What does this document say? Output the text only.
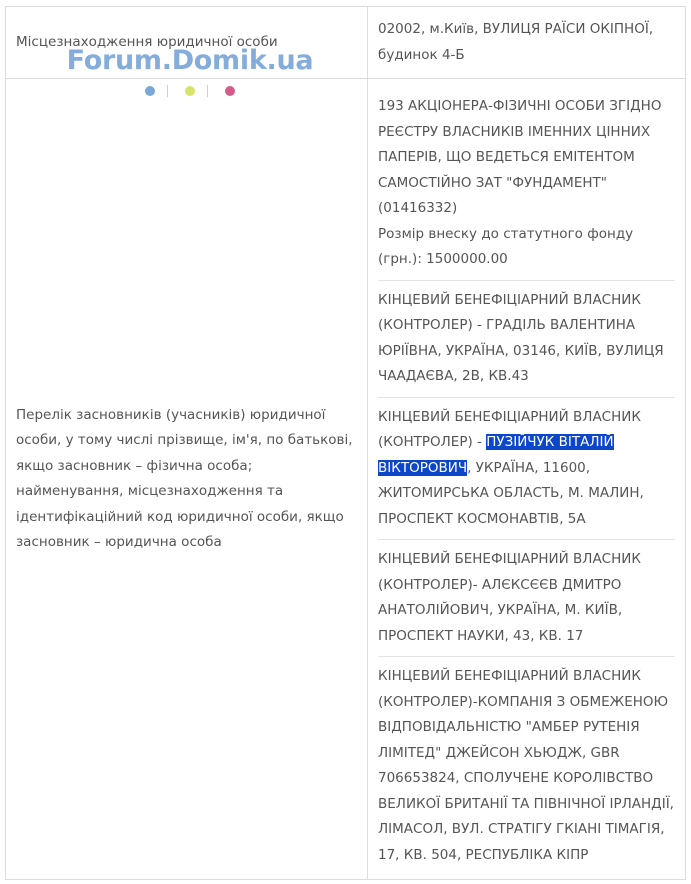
Місцезнаходження юридичної особи
02002, м.Київ, ВУЛИЦЯ РАЇСИ ОКІПНОЇ, будинок 4-Б
Перелік засновників (учасників) юридичної особи, у тому числі прізвище, ім'я, по батькові, якщо засновник – фізична особа; найменування, місцезнаходження та ідентифікаційний код юридичної особи, якщо засновник – юридична особа
193 АКЦІОНЕРА-ФІЗИЧНІ ОСОБИ ЗГІДНО РЕЄСТРУ ВЛАСНИКІВ ІМЕННИХ ЦІННИХ ПАПЕРІВ, ЩО ВЕДЕТЬСЯ ЕМІТЕНТОМ САМОСТІЙНО ЗАТ "ФУНДАМЕНТ" (01416332)
Розмір внеску до статутного фонду (грн.): 1500000.00
КІНЦЕВИЙ БЕНЕФІЦІАРНИЙ ВЛАСНИК (КОНТРОЛЕР) - ГРАДІЛЬ ВАЛЕНТИНА ЮРІЇВНА, УКРАЇНА, 03146, КИЇВ, ВУЛИЦЯ ЧААДАЄВА, 2В, КВ.43
КІНЦЕВИЙ БЕНЕФІЦІАРНИЙ ВЛАСНИК (КОНТРОЛЕР) - ПУЗІЙЧУК ВІТАЛІЙ ВІКТОРОВИЧ, УКРАЇНА, 11600, ЖИТОМИРСЬКА ОБЛАСТЬ, М. МАЛИН, ПРОСПЕКТ КОСМОНАВТІВ, 5А
КІНЦЕВИЙ БЕНЕФІЦІАРНИЙ ВЛАСНИК (КОНТРОЛЕР)- АЛЄКСЄЄВ ДМИТРО АНАТОЛІЙОВИЧ, УКРАЇНА, М. КИЇВ, ПРОСПЕКТ НАУКИ, 43, КВ. 17
КІНЦЕВИЙ БЕНЕФІЦІАРНИЙ ВЛАСНИК (КОНТРОЛЕР)-КОМПАНІЯ З ОБМЕЖЕНОЮ ВІДПОВІДАЛЬНІСТЮ "АМБЕР РУТЕНІЯ ЛІМІТЕД" ДЖЕЙСОН ХЬЮДЖ, GBR 706653824, СПОЛУЧЕНЕ КОРОЛІВСТВО ВЕЛИКОЇ БРИТАНІЇ ТА ПІВНІЧНОЇ ІРЛАНДІЇ, ЛІМАСОЛ, ВУЛ. СТРАТІГУ ГКІАНІ ТІМАГІЯ, 17, КВ. 504, РЕСПУБЛІКА КІПР
Forum.Domik.ua
